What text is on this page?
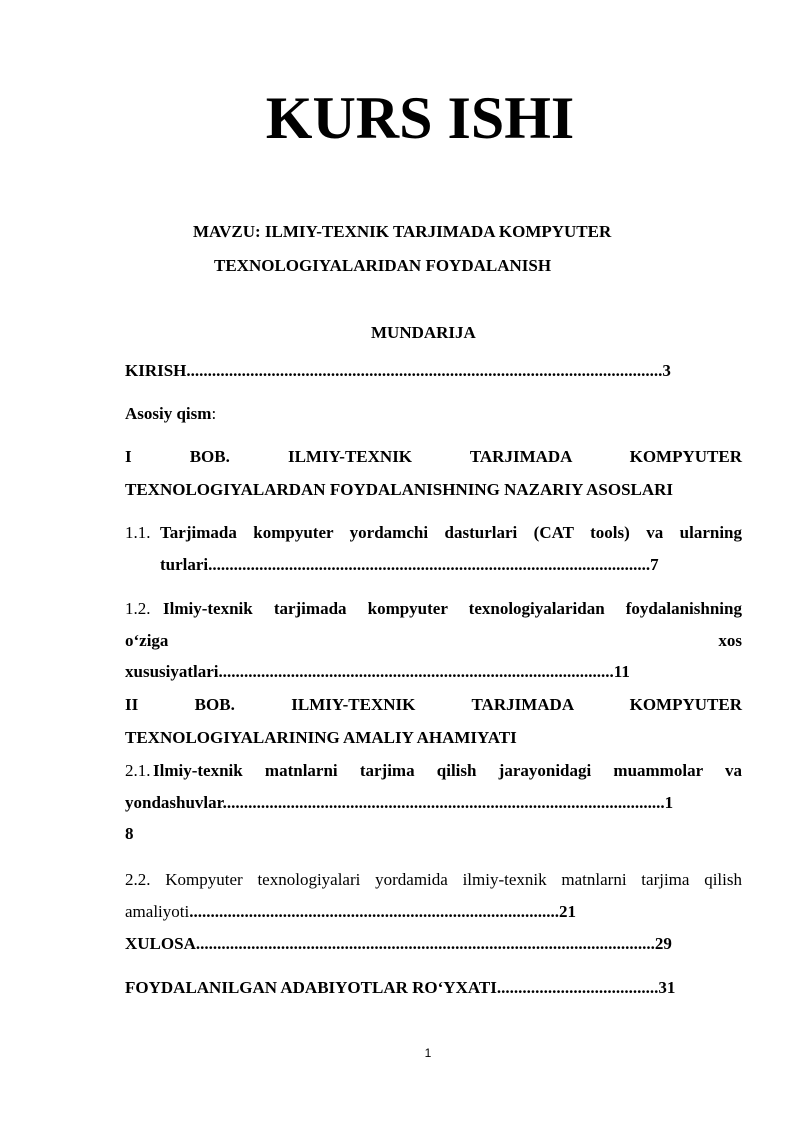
KURS ISHI

MAVZU: ILMIY-TEXNIK TARJIMADA KOMPYUTER

TEXNOLOGIYALARIDAN FOYDALANISH

MUNDARIJA

KIRISH................................................................................................................3

Asosiy qism:

I BOB. ILMIY-TEXNIK TARJIMADA KOMPYUTER

TEXNOLOGIYALARDAN FOYDALANISHNING NAZARIY ASOSLARI

1.1. Tarjimada kompyuter yordamchi dasturlari (CAT tools) va ularning

turlari........................................................................................................7

1.2. Ilmiy-texnik tarjimada kompyuter texnologiyalaridan foydalanishning

o‘ziga xos

xususiyatlari.............................................................................................11

II BOB. ILMIY-TEXNIK TARJIMADA KOMPYUTER

TEXNOLOGIYALARINING AMALIY AHAMIYATI

2.1. Ilmiy-texnik matnlarni tarjima qilish jarayonidagi muammolar va

yondashuvlar........................................................................................................1

8

2.2. Kompyuter texnologiyalari yordamida ilmiy-texnik matnlarni tarjima qilish

amaliyoti.......................................................................................21

XULOSA............................................................................................................29

FOYDALANILGAN ADABIYOTLAR RO‘YXATI......................................31

1
